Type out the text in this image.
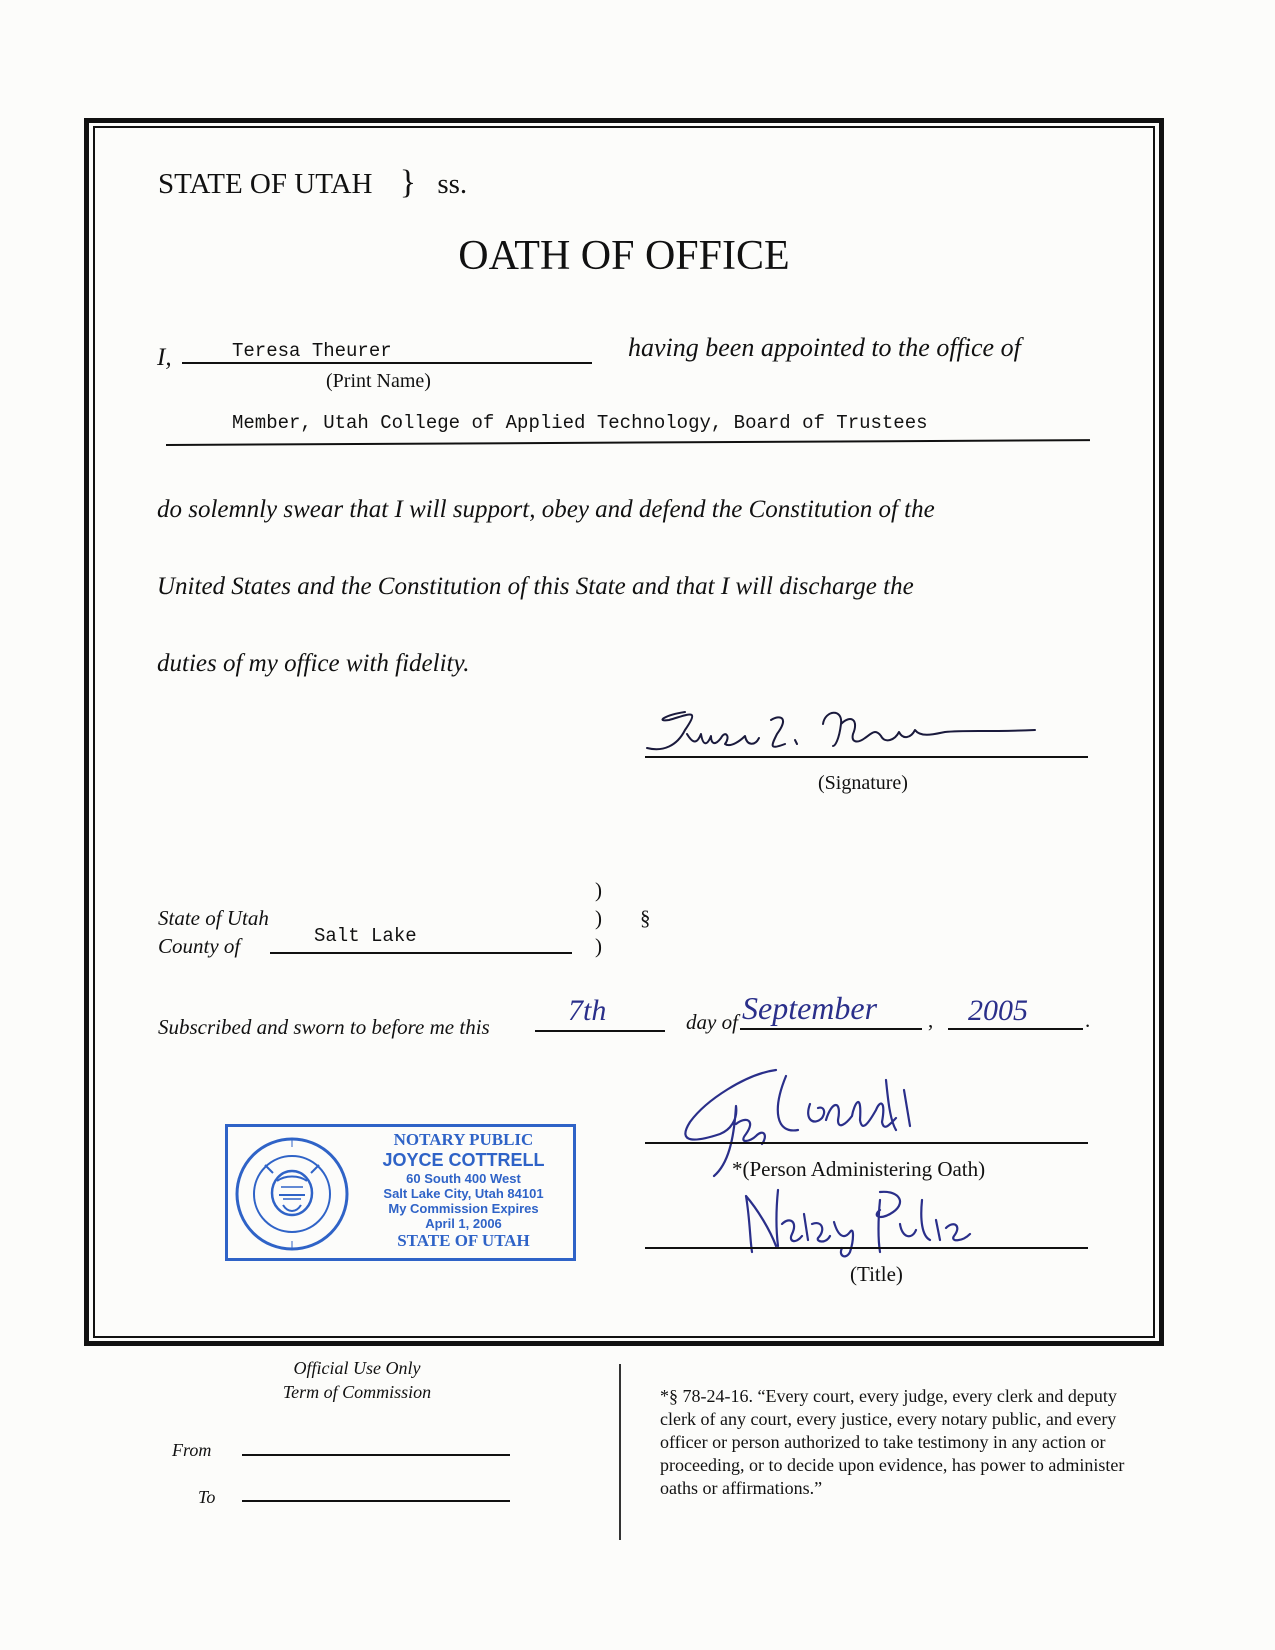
STATE OF UTAH } ss.
OATH OF OFFICE
I,	Teresa Theurer
(Print Name)
having been appointed to the office of
Member, Utah College of Applied Technology, Board of Trustees
do solemnly swear that I will support, obey and defend the Constitution of the
United States and the Constitution of this State and that I will discharge the
duties of my office with fidelity.
(Signature)
)
)
)
§
State of Utah
County of	Salt Lake
Subscribed and sworn to before me this	7th	day of September , 2005	.
NOTARY PUBLIC
JOYCE COTTRELL
60 South 400 West
Salt Lake City, Utah 84101
My Commission Expires
April 1, 2006
STATE OF UTAH
*(Person Administering Oath)
(Title)
Official Use Only
Term of Commission
From
To
*§ 78-24-16. “Every court, every judge, every clerk and deputy clerk of any court, every justice, every notary public, and every officer or person authorized to take testimony in any action or proceeding, or to decide upon evidence, has power to administer oaths or affirmations.”
